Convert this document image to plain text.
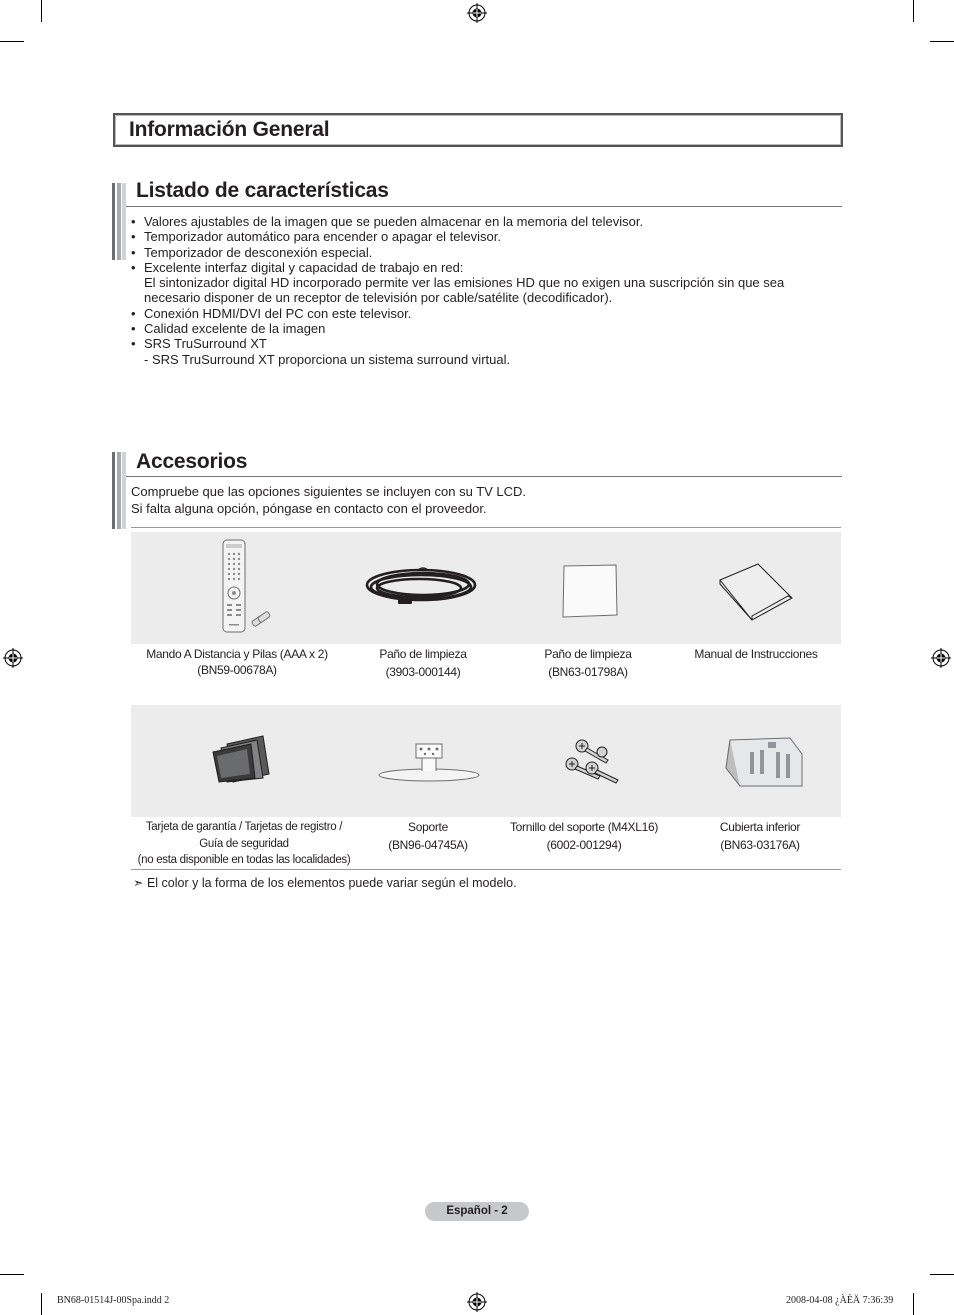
Información General
Listado de características
• Valores ajustables de la imagen que se pueden almacenar en la memoria del televisor.
• Temporizador automático para encender o apagar el televisor.
• Temporizador de desconexión especial.
• Excelente interfaz digital y capacidad de trabajo en red:
El sintonizador digital HD incorporado permite ver las emisiones HD que no exigen una suscripción sin que sea
necesario disponer de un receptor de televisión por cable/satélite (decodificador).
• Conexión HDMI/DVI del PC con este televisor.
• Calidad excelente de la imagen
• SRS TruSurround XT
- SRS TruSurround XT proporciona un sistema surround virtual.
Accesorios
Compruebe que las opciones siguientes se incluyen con su TV LCD.
Si falta alguna opción, póngase en contacto con el proveedor.
Mando A Distancia y Pilas (AAA x 2)
(BN59-00678A)
Paño de limpieza
(3903-000144)
Paño de limpieza
(BN63-01798A)
Manual de Instrucciones
Tarjeta de garantía / Tarjetas de registro /
Guía de seguridad
(no esta disponible en todas las localidades)
Soporte
(BN96-04745A)
Tornillo del soporte (M4XL16)
(6002-001294)
Cubierta inferior
(BN63-03176A)
➣ El color y la forma de los elementos puede variar según el modelo.
Español - 2
BN68-01514J-00Spa.indd 2	2008-04-08 ¿ÀÈÄ 7:36:39
